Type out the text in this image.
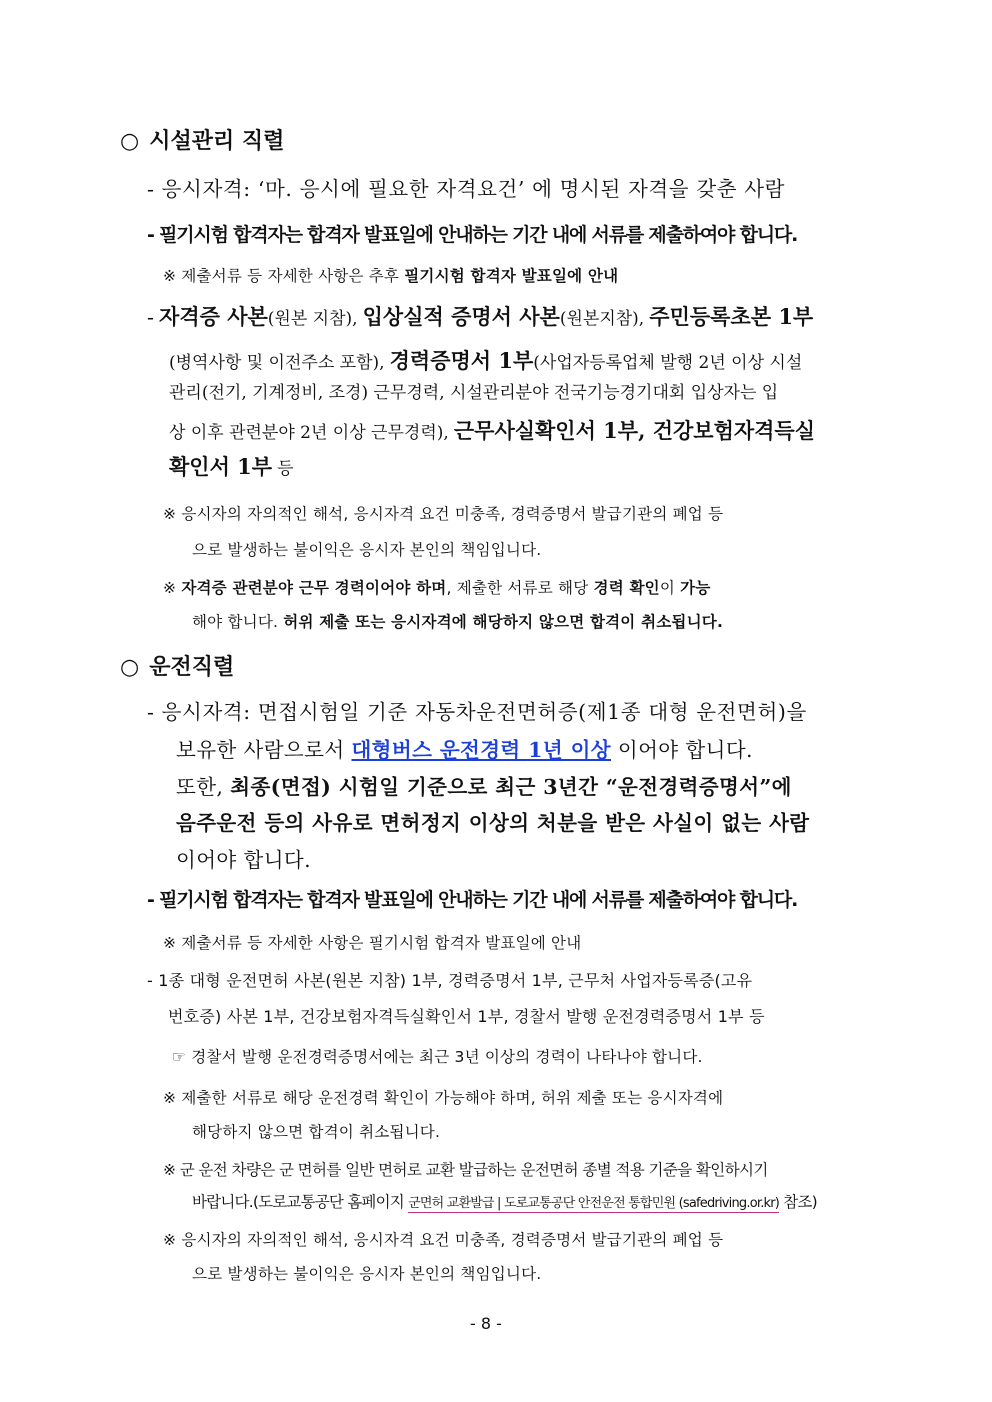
○ 시설관리 직렬
- 응시자격: ‘마. 응시에 필요한 자격요건’ 에 명시된 자격을 갖춘 사람
- 필기시험 합격자는 합격자 발표일에 안내하는 기간 내에 서류를 제출하여야 합니다.
※ 제출서류 등 자세한 사항은 추후 필기시험 합격자 발표일에 안내
- 자격증 사본(원본 지참), 입상실적 증명서 사본(원본지참), 주민등록초본 1부
(병역사항 및 이전주소 포함), 경력증명서 1부(사업자등록업체 발행 2년 이상 시설
관리(전기, 기계정비, 조경) 근무경력, 시설관리분야 전국기능경기대회 입상자는 입
상 이후 관련분야 2년 이상 근무경력), 근무사실확인서 1부, 건강보험자격득실
확인서 1부 등
※ 응시자의 자의적인 해석, 응시자격 요건 미충족, 경력증명서 발급기관의 폐업 등
으로 발생하는 불이익은 응시자 본인의 책임입니다.
※ 자격증 관련분야 근무 경력이어야 하며, 제출한 서류로 해당 경력 확인이 가능
해야 합니다. 허위 제출 또는 응시자격에 해당하지 않으면 합격이 취소됩니다.
○ 운전직렬
- 응시자격: 면접시험일 기준 자동차운전면허증(제1종 대형 운전면허)을
보유한 사람으로서 대형버스 운전경력 1년 이상 이어야 합니다.
또한, 최종(면접) 시험일 기준으로 최근 3년간 “운전경력증명서”에
음주운전 등의 사유로 면허정지 이상의 처분을 받은 사실이 없는 사람
이어야 합니다.
- 필기시험 합격자는 합격자 발표일에 안내하는 기간 내에 서류를 제출하여야 합니다.
※ 제출서류 등 자세한 사항은 필기시험 합격자 발표일에 안내
- 1종 대형 운전면허 사본(원본 지참) 1부, 경력증명서 1부, 근무처 사업자등록증(고유
번호증) 사본 1부, 건강보험자격득실확인서 1부, 경찰서 발행 운전경력증명서 1부 등
☞ 경찰서 발행 운전경력증명서에는 최근 3년 이상의 경력이 나타나야 합니다.
※ 제출한 서류로 해당 운전경력 확인이 가능해야 하며, 허위 제출 또는 응시자격에
해당하지 않으면 합격이 취소됩니다.
※ 군 운전 차량은 군 면허를 일반 면허로 교환 발급하는 운전면허 종별 적용 기준을 확인하시기
바랍니다.(도로교통공단 홈페이지 군면허 교환발급 | 도로교통공단 안전운전 통합민원 (safedriving.or.kr) 참조)
※ 응시자의 자의적인 해석, 응시자격 요건 미충족, 경력증명서 발급기관의 폐업 등
으로 발생하는 불이익은 응시자 본인의 책임입니다.
- 8 -
